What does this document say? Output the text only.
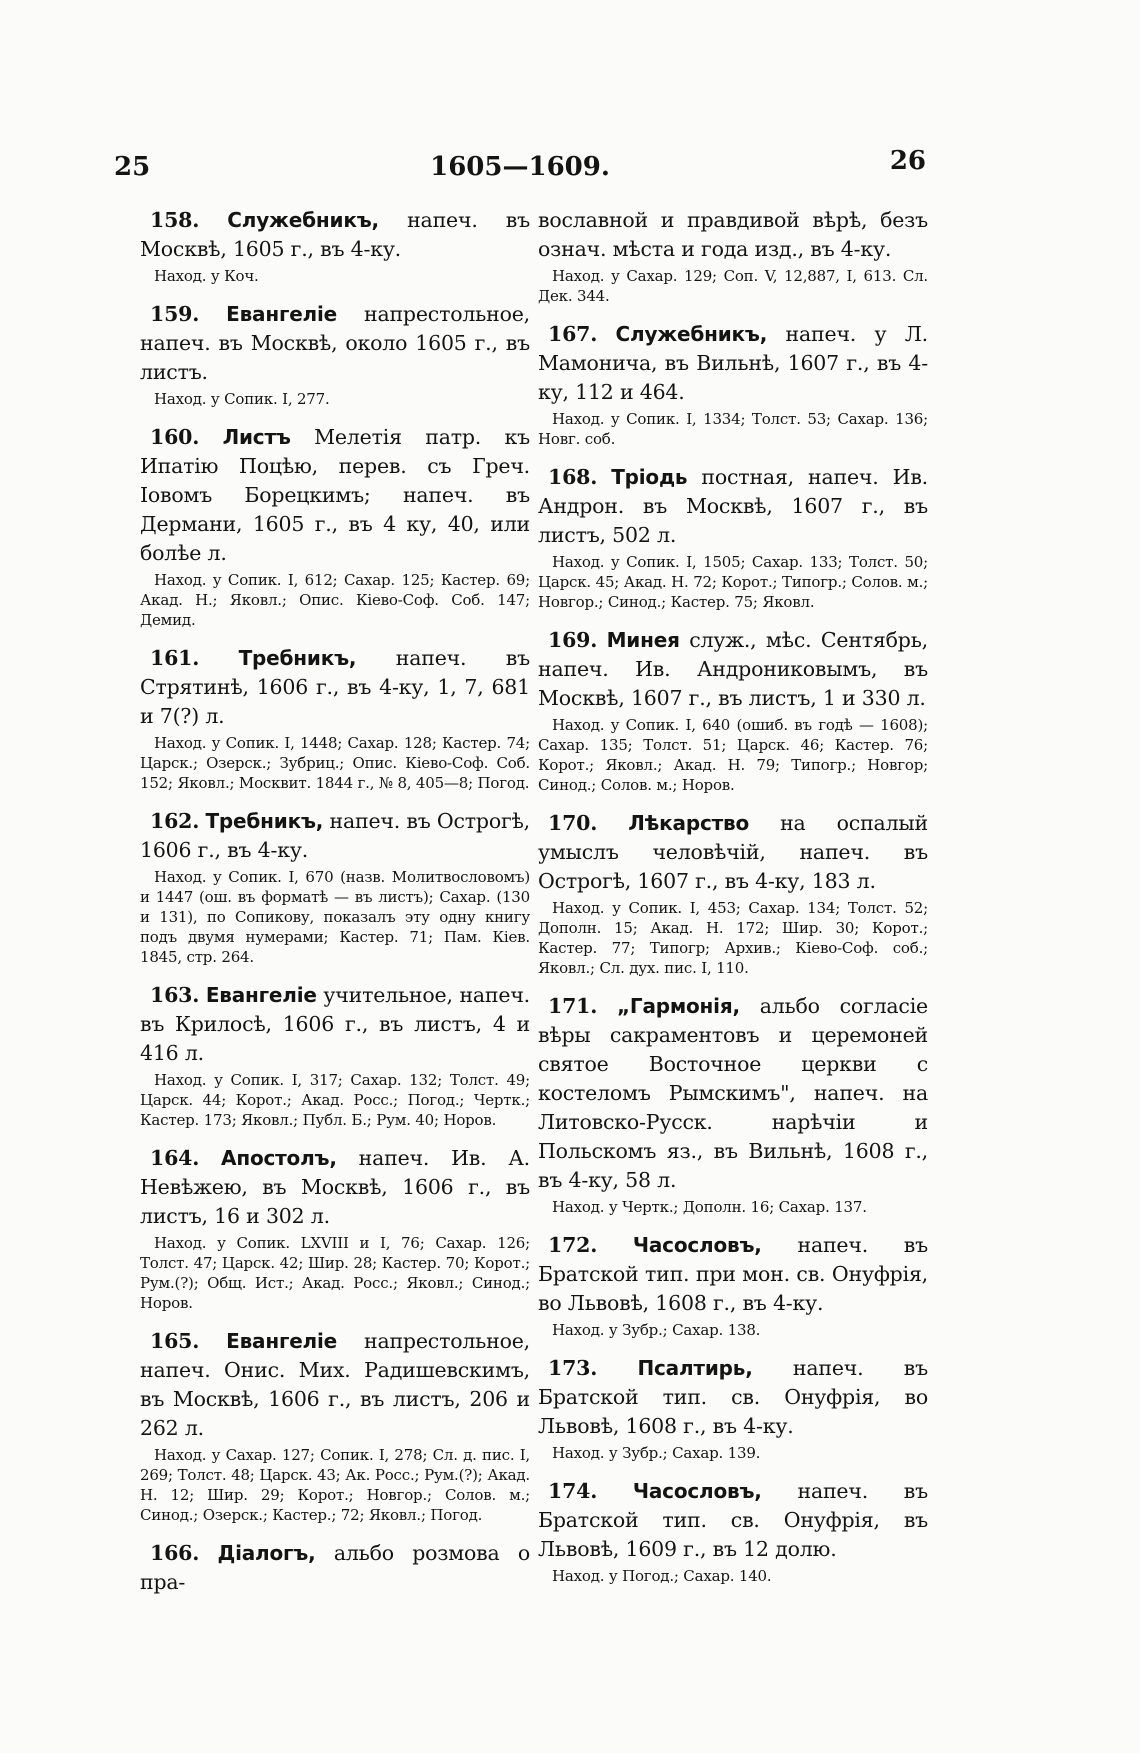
25	1605—1609.	26

158. Служебникъ, напеч. въ Москвѣ, 1605 г., въ 4-ку.

Наход. у Коч.

159. Евангеліе напрестольное, напеч. въ Москвѣ, около 1605 г., въ листъ.

Наход. у Сопик. I, 277.

160. Листъ Мелетія патр. къ Ипатію Поцѣю, перев. съ Греч. Іовомъ Борецкимъ; напеч. въ Дермани, 1605 г., въ 4 ку, 40, или болѣе л.

Наход. у Сопик. I, 612; Сахар. 125; Кастер. 69; Акад. Н.; Яковл.; Опис. Кіево-Соф. Соб. 147; Демид.

161. Требникъ, напеч. въ Стрятинѣ, 1606 г., въ 4-ку, 1, 7, 681 и 7(?) л.

Наход. у Сопик. I, 1448; Сахар. 128; Кастер. 74; Царск.; Озерск.; Зубриц.; Опис. Кіево-Соф. Соб. 152; Яковл.; Москвит. 1844 г., № 8, 405—8; Погод.

162. Требникъ, напеч. въ Острогѣ, 1606 г., въ 4-ку.

Наход. у Сопик. I, 670 (назв. Молитвословомъ) и 1447 (ош. въ форматѣ — въ листъ); Сахар. (130 и 131), по Сопикову, показалъ эту одну книгу подъ двумя нумерами; Кастер. 71; Пам. Кіев. 1845, стр. 264.

163. Евангеліе учительное, напеч. въ Крилосѣ, 1606 г., въ листъ, 4 и 416 л.

Наход. у Сопик. I, 317; Сахар. 132; Толст. 49; Царск. 44; Корот.; Акад. Росс.; Погод.; Чертк.; Кастер. 173; Яковл.; Публ. Б.; Рум. 40; Норов.

164. Апостолъ, напеч. Ив. А. Невѣжею, въ Москвѣ, 1606 г., въ листъ, 16 и 302 л.

Наход. у Сопик. LXVIII и I, 76; Сахар. 126; Толст. 47; Царск. 42; Шир. 28; Кастер. 70; Корот.; Рум.(?); Общ. Ист.; Акад. Росс.; Яковл.; Синод.; Норов.

165. Евангеліе напрестольное, напеч. Онис. Мих. Радишевскимъ, въ Москвѣ, 1606 г., въ листъ, 206 и 262 л.

Наход. у Сахар. 127; Сопик. I, 278; Сл. д. пис. I, 269; Толст. 48; Царск. 43; Ак. Росс.; Рум.(?); Акад. Н. 12; Шир. 29; Корот.; Новгор.; Солов. м.; Синод.; Озерск.; Кастер.; 72; Яковл.; Погод.

166. Діалогъ, альбо розмова о пра-

вославной и правдивой вѣрѣ, безъ означ. мѣста и года изд., въ 4-ку.

Наход. у Сахар. 129; Соп. V, 12,887, I, 613. Сл. Дек. 344.

167. Служебникъ, напеч. у Л. Мамонича, въ Вильнѣ, 1607 г., въ 4-ку, 112 и 464.

Наход. у Сопик. I, 1334; Толст. 53; Сахар. 136; Новг. соб.

168. Тріодь постная, напеч. Ив. Андрон. въ Москвѣ, 1607 г., въ листъ, 502 л.

Наход. у Сопик. I, 1505; Сахар. 133; Толст. 50; Царск. 45; Акад. Н. 72; Корот.; Типогр.; Солов. м.; Новгор.; Синод.; Кастер. 75; Яковл.

169. Минея служ., мѣс. Сентябрь, напеч. Ив. Андрониковымъ, въ Москвѣ, 1607 г., въ листъ, 1 и 330 л.

Наход. у Сопик. I, 640 (ошиб. въ годѣ — 1608); Сахар. 135; Толст. 51; Царск. 46; Кастер. 76; Корот.; Яковл.; Акад. Н. 79; Типогр.; Новгор; Синод.; Солов. м.; Норов.

170. Лѣкарство на оспалый умыслъ человѣчій, напеч. въ Острогѣ, 1607 г., въ 4-ку, 183 л.

Наход. у Сопик. I, 453; Сахар. 134; Толст. 52; Дополн. 15; Акад. Н. 172; Шир. 30; Корот.; Кастер. 77; Типогр; Архив.; Кіево-Соф. соб.; Яковл.; Сл. дух. пис. I, 110.

171. „Гармонія, альбо согласіе вѣры сакраментовъ и церемоней святое Восточное церкви с костеломъ Рымскимъ", напеч. на Литовско-Русск. нарѣчіи и Польскомъ яз., въ Вильнѣ, 1608 г., въ 4-ку, 58 л.

Наход. у Чертк.; Дополн. 16; Сахар. 137.

172. Часословъ, напеч. въ Братской тип. при мон. св. Онуфрія, во Львовѣ, 1608 г., въ 4-ку.

Наход. у Зубр.; Сахар. 138.

173. Псалтирь, напеч. въ Братской тип. св. Онуфрія, во Львовѣ, 1608 г., въ 4-ку.

Наход. у Зубр.; Сахар. 139.

174. Часословъ, напеч. въ Братской тип. св. Онуфрія, въ Львовѣ, 1609 г., въ 12 долю.

Наход. у Погод.; Сахар. 140.
